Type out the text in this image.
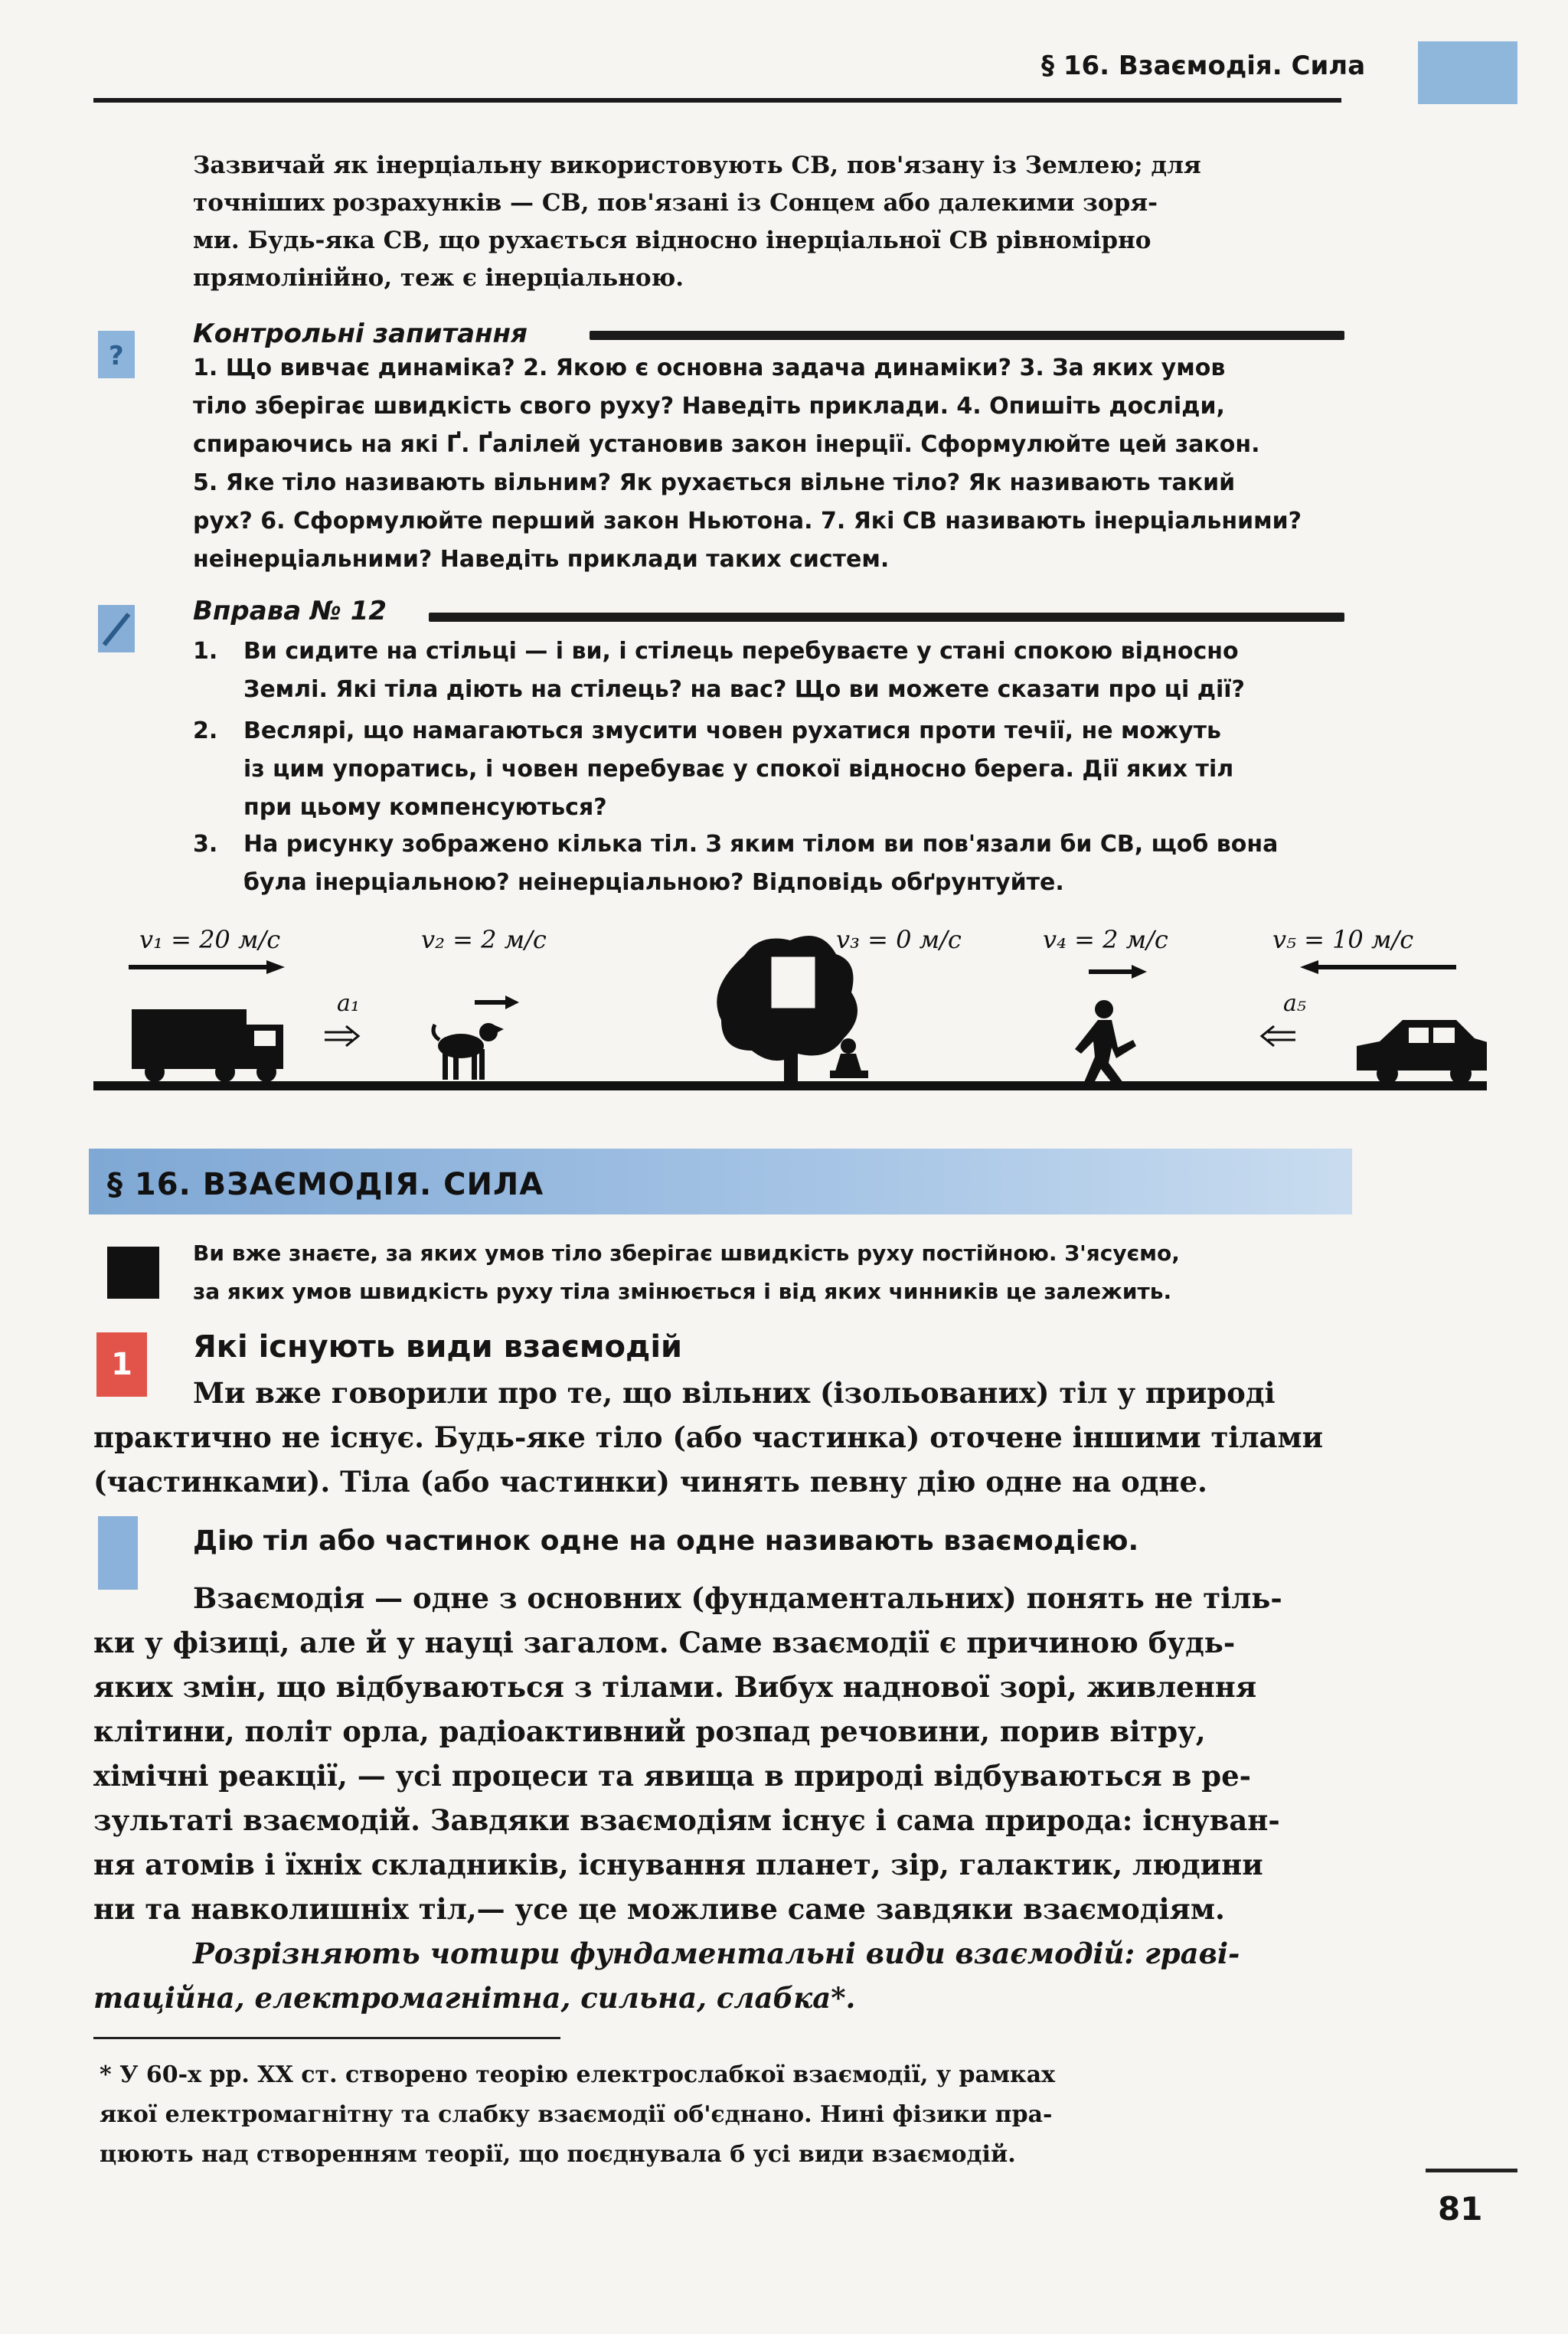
§ 16. Взаємодія. Сила
Зазвичай як інерціальну використовують СВ, пов'язану із Землею; для
точніших розрахунків — СВ, пов'язані із Сонцем або далекими зоря-
ми. Будь-яка СВ, що рухається відносно інерціальної СВ рівномірно
прямолінійно, теж є інерціальною.
?
Контрольні запитання
1. Що вивчає динаміка? 2. Якою є основна задача динаміки? 3. За яких умов
тіло зберігає швидкість свого руху? Наведіть приклади. 4. Опишіть досліди,
спираючись на які Ґ. Ґалілей установив закон інерції. Сформулюйте цей закон.
5. Яке тіло називають вільним? Як рухається вільне тіло? Як називають такий
рух? 6. Сформулюйте перший закон Ньютона. 7. Які СВ називають інерціальними?
неінерціальними? Наведіть приклади таких систем.
Вправа № 12
1. Ви сидите на стільці — і ви, і стілець перебуваєте у стані спокою відносно
Землі. Які тіла діють на стілець? на вас? Що ви можете сказати про ці дії?
2. Веслярі, що намагаються змусити човен рухатися проти течії, не можуть
із цим упоратись, і човен перебуває у спокої відносно берега. Дії яких тіл
при цьому компенсуються?
3. На рисунку зображено кілька тіл. З яким тілом ви пов'язали би СВ, щоб вона
була інерціальною? неінерціальною? Відповідь обґрунтуйте.
v₁ = 20 м/с	v₂ = 2 м/с	v₃ = 0 м/с	v₄ = 2 м/с	v₅ = 10 м/с
a₁	a₅
§ 16. ВЗАЄМОДІЯ. СИЛА
Ви вже знаєте, за яких умов тіло зберігає швидкість руху постійною. З'ясуємо,
за яких умов швидкість руху тіла змінюється і від яких чинників це залежить.
1	Які існують види взаємодій
Ми вже говорили про те, що вільних (ізольованих) тіл у природі
практично не існує. Будь-яке тіло (або частинка) оточене іншими тілами
(частинками). Тіла (або частинки) чинять певну дію одне на одне.
Дію тіл або частинок одне на одне називають взаємодією.
Взаємодія — одне з основних (фундаментальних) понять не тіль-
ки у фізиці, але й у науці загалом. Саме взаємодії є причиною будь-
яких змін, що відбуваються з тілами. Вибух наднової зорі, живлення
клітини, політ орла, радіоактивний розпад речовини, порив вітру,
хімічні реакції, — усі процеси та явища в природі відбуваються в ре-
зультаті взаємодій. Завдяки взаємодіям існує і сама природа: існуван-
ня атомів і їхніх складників, існування планет, зір, галактик, людини
ни та навколишніх тіл,— усе це можливе саме завдяки взаємодіям.
Розрізняють чотири фундаментальні види взаємодій: граві-
таційна, електромагнітна, сильна, слабка*.
* У 60-х рр. XX ст. створено теорію електрослабкої взаємодії, у рамках
якої електромагнітну та слабку взаємодії об'єднано. Нині фізики пра-
цюють над створенням теорії, що поєднувала б усі види взаємодій.
81
